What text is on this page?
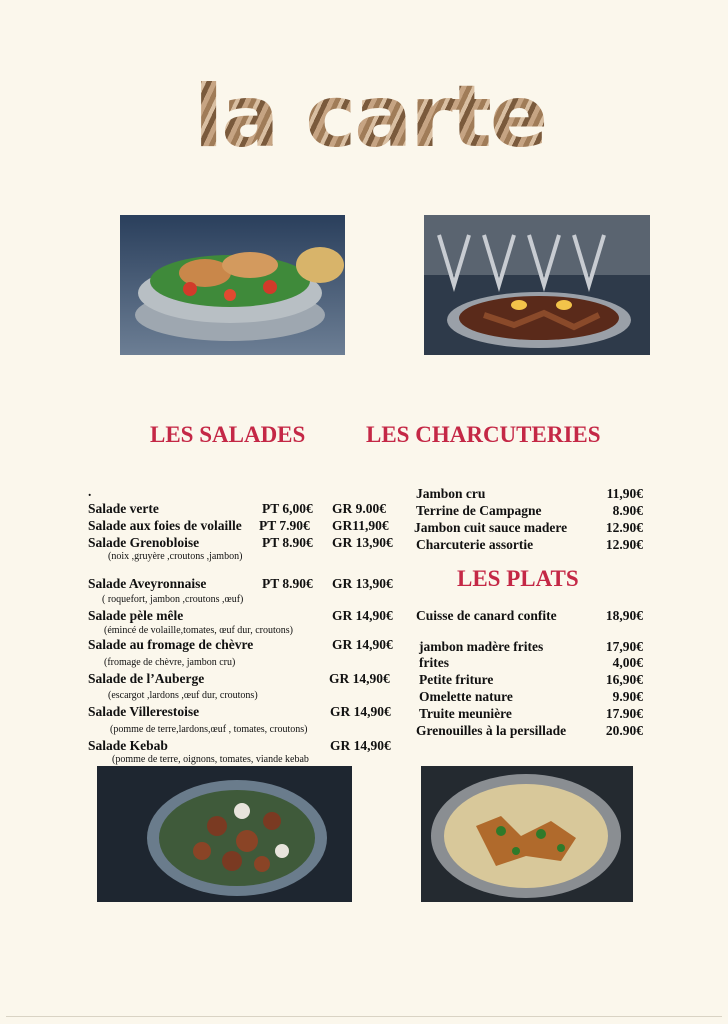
la carte
LES SALADES	LES CHARCUTERIES
LES PLATS
.
Salade verte	PT 6,00€ GR 9.00€
Salade aux foies de volaille PT 7.90€ GR11,90€
Salade Grenobloise	PT 8.90€ GR 13,90€
(noix ,gruyère ,croutons ,jambon)
Salade Aveyronnaise	PT 8.90€ GR 13,90€
( roquefort, jambon ,croutons ,œuf)
Salade pèle mêle	GR 14,90€
(émincé de volaille,tomates, œuf dur, croutons)
Salade au fromage de chèvre	GR 14,90€
(fromage de chèvre, jambon cru)
Salade de l’Auberge	GR 14,90€
(escargot ,lardons ,œuf dur, croutons)
Salade Villerestoise	GR 14,90€
(pomme de terre,lardons,œuf , tomates, croutons)
Salade Kebab	GR 14,90€
(pomme de terre, oignons, tomates, viande kebab
Jambon cru	11,90€
Terrine de Campagne	8.90€
Jambon cuit sauce madere	12.90€
Charcuterie assortie	12.90€
Cuisse de canard confite	18,90€
jambon madère frites	17,90€
frites	4,00€
Petite friture	16,90€
Omelette nature	9.90€
Truite meunière	17.90€
Grenouilles à la persillade	20.90€
